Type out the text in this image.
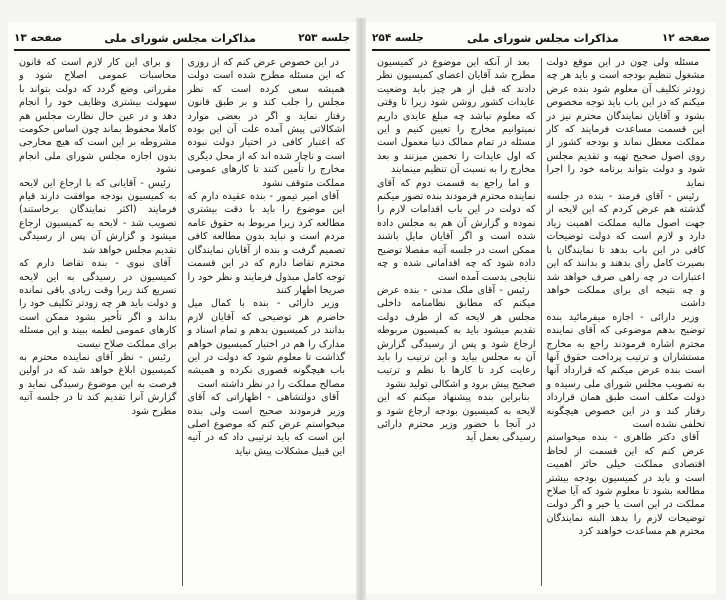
صفحه ۱۲
مذاکرات مجلس شورای ملی
جلسه ۲۵۴

مسئله ولی چون در این موقع دولت مشغول تنظیم بودجه است و باید هر چه زودتر تکلیف آن معلوم شود بنده عرض میکنم که در این باب باید توجه مخصوص بشود و آقایان نمایندگان محترم نیز در این قسمت مساعدت فرمایند که کار مملکت معطل نماند و بودجه کشور از روی اصول صحیح تهیه و تقدیم مجلس شود و دولت بتواند برنامه خود را اجرا نماید

رئیس - آقای فرمند - بنده در جلسه گذشته هم عرض کردم که این لایحه از جهت اصول مالیه مملکت اهمیت زیاد دارد و لازم است که دولت توضیحات کافی در این باب بدهد تا نمایندگان با بصیرت کامل رأی بدهند و بدانند که این اعتبارات در چه راهی صرف خواهد شد و چه نتیجه ای برای مملکت خواهد داشت

وزیر دارائی - اجازه میفرمائید بنده توضیح بدهم موضوعی که آقای نماینده محترم اشاره فرمودند راجع به مخارج مستشاران و ترتیب پرداخت حقوق آنها است بنده عرض میکنم که قرارداد آنها به تصویب مجلس شورای ملی رسیده و دولت مکلف است طبق همان قرارداد رفتار کند و در این خصوص هیچگونه تخلفی نشده است

آقای دکتر طاهری - بنده میخواستم عرض کنم که این قسمت از لحاظ اقتصادی مملکت خیلی حائز اهمیت است و باید در کمیسیون بودجه بیشتر مطالعه بشود تا معلوم شود که آیا صلاح مملکت در این است یا خیر و اگر دولت توضیحات لازم را بدهد البته نمایندگان محترم هم مساعدت خواهند کرد

بعد از آنکه این موضوع در کمیسیون مطرح شد آقایان اعضای کمیسیون نظر دادند که قبل از هر چیز باید وضعیت عایدات کشور روشن شود زیرا تا وقتی که معلوم نباشد چه مبلغ عایدی داریم نمیتوانیم مخارج را تعیین کنیم و این مسئله در تمام ممالک دنیا معمول است که اول عایدات را تخمین میزنند و بعد مخارج را به نسبت آن تنظیم مینمایند

و اما راجع به قسمت دوم که آقای نماینده محترم فرمودند بنده تصور میکنم که دولت در این باب اقدامات لازم را نموده و گزارش آن هم به مجلس داده شده است و اگر آقایان مایل باشند ممکن است در جلسه آتیه مفصلا توضیح داده شود که چه اقداماتی شده و چه نتایجی بدست آمده است

رئیس - آقای ملک مدنی - بنده عرض میکنم که مطابق نظامنامه داخلی مجلس هر لایحه که از طرف دولت تقدیم میشود باید به کمیسیون مربوطه ارجاع شود و پس از رسیدگی گزارش آن به مجلس بیاید و این ترتیب را باید رعایت کرد تا کارها با نظم و ترتیب صحیح پیش برود و اشکالی تولید نشود

بنابراین بنده پیشنهاد میکنم که این لایحه به کمیسیون بودجه ارجاع شود و در آنجا با حضور وزیر محترم دارائی رسیدگی بعمل آید

جلسه ۲۵۳
مذاکرات مجلس شورای ملی
صفحه ۱۳

در این خصوص عرض کنم که از روزی که این مسئله مطرح شده است دولت همیشه سعی کرده است که نظر مجلس را جلب کند و بر طبق قانون رفتار نماید و اگر در بعضی موارد اشکالاتی پیش آمده علت آن این بوده که اعتبار کافی در اختیار دولت نبوده است و ناچار شده اند که از محل دیگری مخارج را تأمین کنند تا کارهای عمومی مملکت متوقف نشود

آقای امیر تیمور - بنده عقیده دارم که این موضوع را باید با دقت بیشتری مطالعه کرد زیرا مربوط به حقوق عامه مردم است و نباید بدون مطالعه کافی تصمیم گرفت و بنده از آقایان نمایندگان محترم تقاضا دارم که در این قسمت توجه کامل مبذول فرمایند و نظر خود را صریحا اظهار کنند

وزیر دارائی - بنده با کمال میل حاضرم هر توضیحی که آقایان لازم بدانند در کمیسیون بدهم و تمام اسناد و مدارک را هم در اختیار کمیسیون خواهم گذاشت تا معلوم شود که دولت در این باب هیچگونه قصوری نکرده و همیشه مصالح مملکت را در نظر داشته است

آقای دولتشاهی - اظهاراتی که آقای وزیر فرمودند صحیح است ولی بنده میخواستم عرض کنم که موضوع اصلی این است که باید ترتیبی داد که در آتیه این قبیل مشکلات پیش نیاید

و برای این کار لازم است که قانون محاسبات عمومی اصلاح شود و مقرراتی وضع گردد که دولت بتواند با سهولت بیشتری وظایف خود را انجام دهد و در عین حال نظارت مجلس هم کاملا محفوظ بماند چون اساس حکومت مشروطه بر این است که هیچ مخارجی بدون اجازه مجلس شورای ملی انجام نشود

رئیس - آقایانی که با ارجاع این لایحه به کمیسیون بودجه موافقت دارند قیام فرمایند (اکثر نمایندگان برخاستند) تصویب شد - لایحه به کمیسیون ارجاع میشود و گزارش آن پس از رسیدگی تقدیم مجلس خواهد شد

آقای نبوی - بنده تقاضا دارم که کمیسیون در رسیدگی به این لایحه تسریع کند زیرا وقت زیادی باقی نمانده و دولت باید هر چه زودتر تکلیف خود را بداند و اگر تأخیر بشود ممکن است کارهای عمومی لطمه ببیند و این مسئله برای مملکت صلاح نیست

رئیس - نظر آقای نماینده محترم به کمیسیون ابلاغ خواهد شد که در اولین فرصت به این موضوع رسیدگی نماید و گزارش آنرا تقدیم کند تا در جلسه آتیه مطرح شود
